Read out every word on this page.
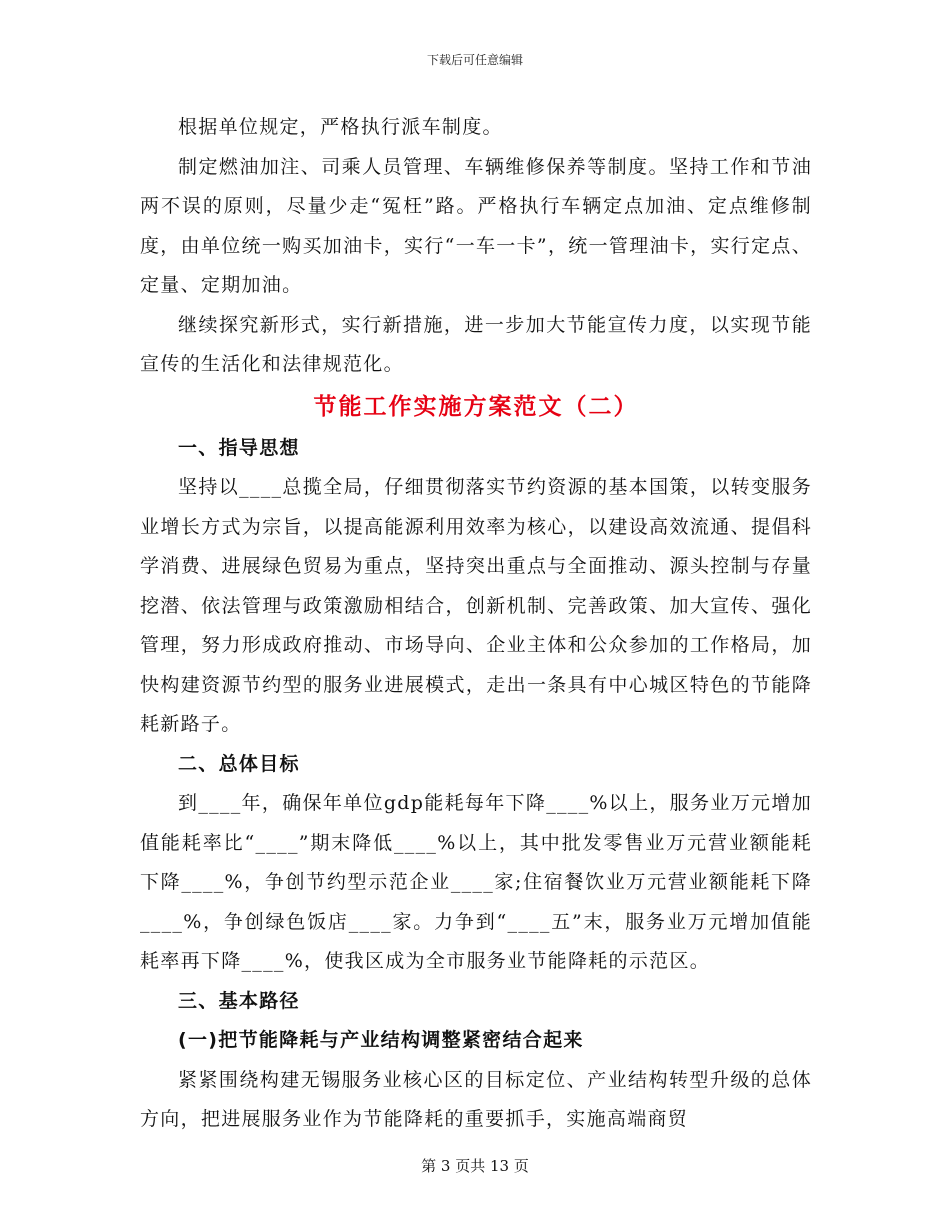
下载后可任意编辑

根据单位规定，严格执行派车制度。

制定燃油加注、司乘人员管理、车辆维修保养等制度。坚持工作和节油两不误的原则，尽量少走“冤枉”路。严格执行车辆定点加油、定点维修制度，由单位统一购买加油卡，实行“一车一卡”，统一管理油卡，实行定点、定量、定期加油。

继续探究新形式，实行新措施，进一步加大节能宣传力度，以实现节能宣传的生活化和法律规范化。

节能工作实施方案范文（二）
一、指导思想

坚持以____总揽全局，仔细贯彻落实节约资源的基本国策，以转变服务业增长方式为宗旨，以提高能源利用效率为核心，以建设高效流通、提倡科学消费、进展绿色贸易为重点，坚持突出重点与全面推动、源头控制与存量挖潜、依法管理与政策激励相结合，创新机制、完善政策、加大宣传、强化管理，努力形成政府推动、市场导向、企业主体和公众参加的工作格局，加快构建资源节约型的服务业进展模式，走出一条具有中心城区特色的节能降耗新路子。

二、总体目标

到____年，确保年单位gdp能耗每年下降____%以上，服务业万元增加值能耗率比“____”期末降低____%以上，其中批发零售业万元营业额能耗下降____%，争创节约型示范企业____家;住宿餐饮业万元营业额能耗下降____%，争创绿色饭店____家。力争到“____五”末，服务业万元增加值能耗率再下降____%，使我区成为全市服务业节能降耗的示范区。

三、基本路径
(一)把节能降耗与产业结构调整紧密结合起来

紧紧围绕构建无锡服务业核心区的目标定位、产业结构转型升级的总体方向，把进展服务业作为节能降耗的重要抓手，实施高端商贸

第 3 页共 13 页
